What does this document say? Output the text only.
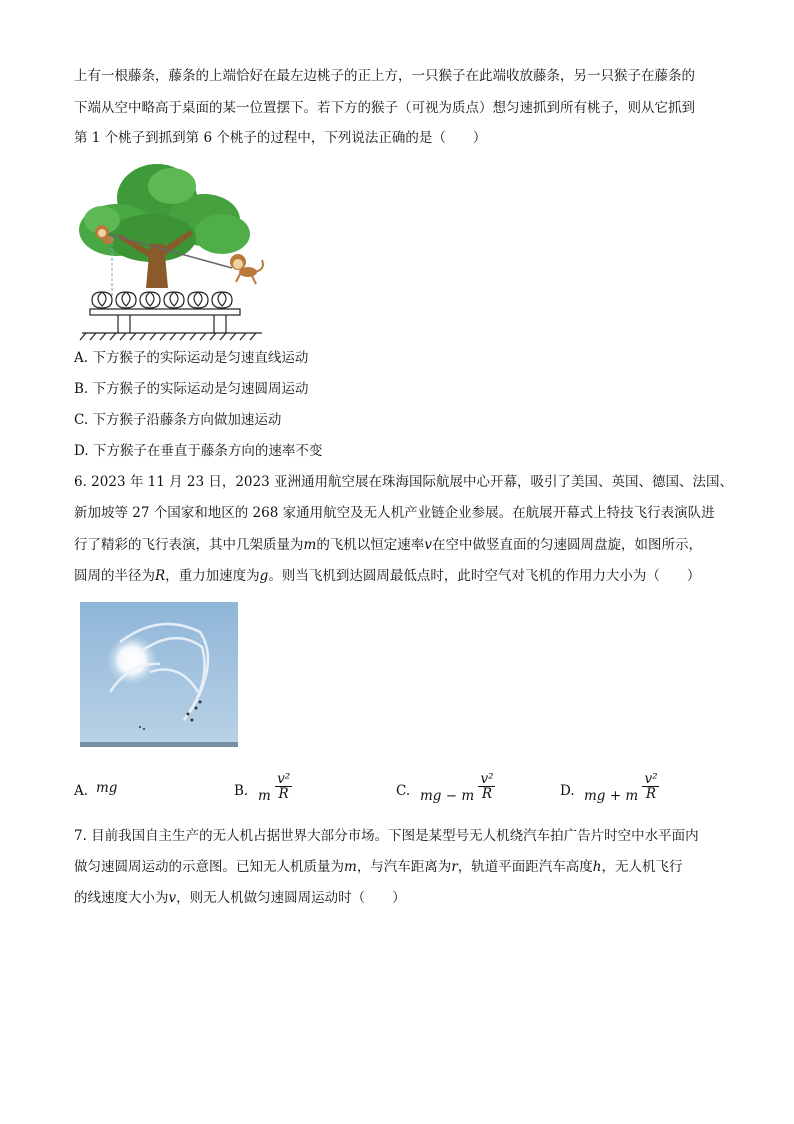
上有一根藤条，藤条的上端恰好在最左边桃子的正上方，一只猴子在此端收放藤条，另一只猴子在藤条的
下端从空中略高于桌面的某一位置摆下。若下方的猴子（可视为质点）想匀速抓到所有桃子，则从它抓到
第 1 个桃子到抓到第 6 个桃子的过程中，下列说法正确的是（　　）
A. 下方猴子的实际运动是匀速直线运动
B. 下方猴子的实际运动是匀速圆周运动
C. 下方猴子沿藤条方向做加速运动
D. 下方猴子在垂直于藤条方向的速率不变
6. 2023 年 11 月 23 日，2023 亚洲通用航空展在珠海国际航展中心开幕，吸引了美国、英国、德国、法国、
新加坡等 27 个国家和地区的 268 家通用航空及无人机产业链企业参展。在航展开幕式上特技飞行表演队进
行了精彩的飞行表演，其中几架质量为m的飞机以恒定速率v在空中做竖直面的匀速圆周盘旋，如图所示，
圆周的半径为R，重力加速度为g。则当飞机到达圆周最低点时，此时空气对飞机的作用力大小为（　　）
A. mg	B. m $\frac{\text{v²}}{R}$	C. mg − m $\frac{\text{v²}}{R}$	D. mg + m $\frac{\text{v²}}{R}$
7. 目前我国自主生产的无人机占据世界大部分市场。下图是某型号无人机绕汽车拍广告片时空中水平面内
做匀速圆周运动的示意图。已知无人机质量为m，与汽车距离为r，轨道平面距汽车高度h，无人机飞行
的线速度大小为v，则无人机做匀速圆周运动时（　　）
